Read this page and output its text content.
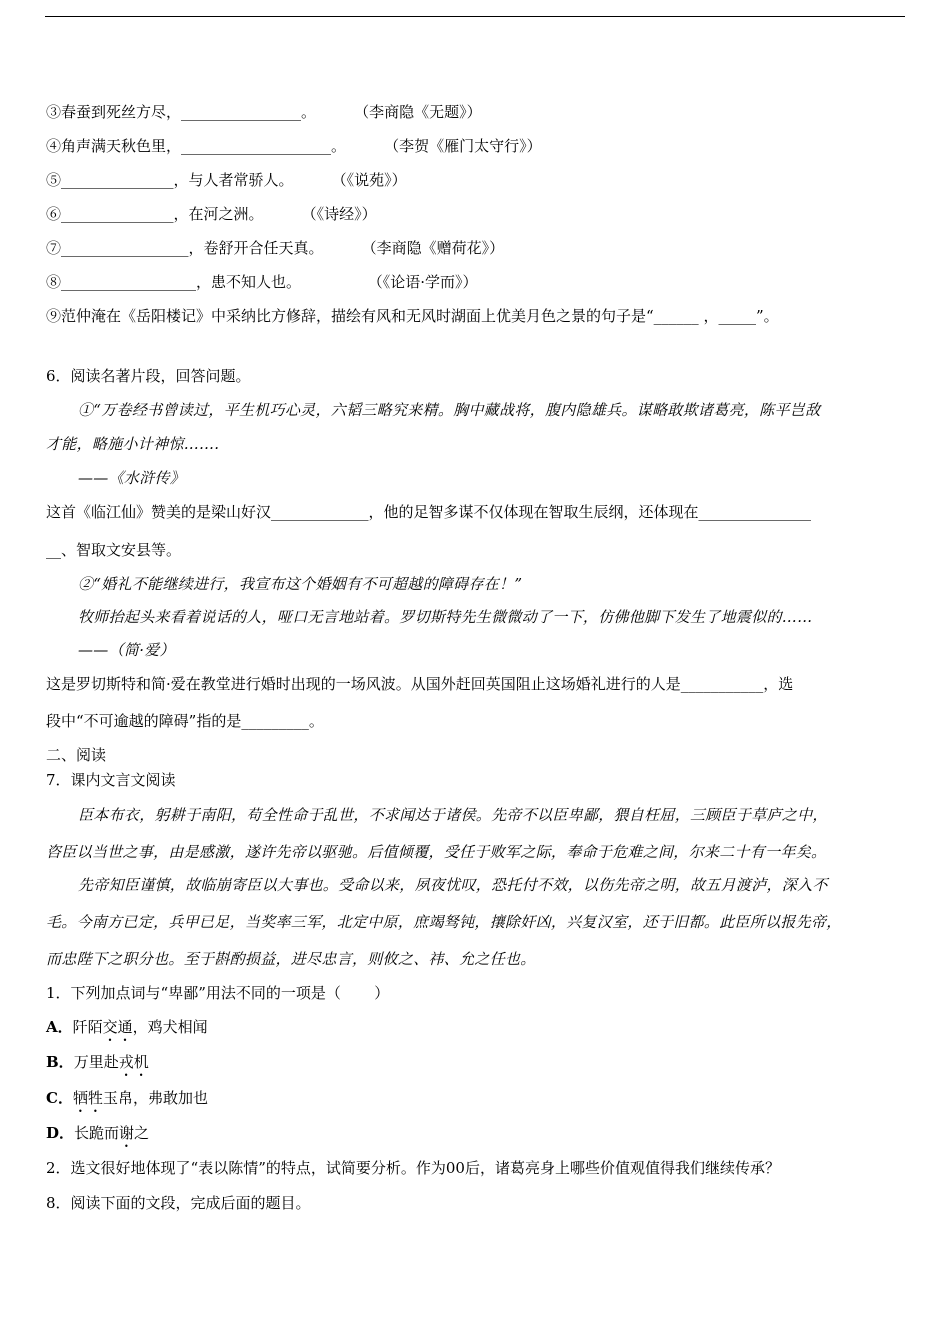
③春蚕到死丝方尽，________________。        （李商隐《无题》）
④角声满天秋色里，____________________。        （李贺《雁门太守行》）
⑤_______________，与人者常骄人。        （《说苑》）
⑥_______________，在河之洲。        （《诗经》）
⑦_________________，卷舒开合任天真。        （李商隐《赠荷花》）
⑧__________________，患不知人也。              （《论语·学而》）
⑨范仲淹在《岳阳楼记》中采纳比方修辞，描绘有风和无风时湖面上优美月色之景的句子是“______ ，_____”。
6．阅读名著片段，回答问题。
①“万卷经书曾读过，平生机巧心灵，六韬三略究来精。胸中藏战将，腹内隐雄兵。谋略敢欺诸葛亮，陈平岂敌
才能，略施小计神惊…….
——《水浒传》
这首《临江仙》赞美的是梁山好汉_____________，他的足智多谋不仅体现在智取生辰纲，还体现在_______________
__、智取文安县等。
②“婚礼不能继续进行，我宣布这个婚姻有不可超越的障碍存在！”
牧师抬起头来看着说话的人，哑口无言地站着。罗切斯特先生微微动了一下，仿佛他脚下发生了地震似的……
——（简·爱）
这是罗切斯特和简·爱在教堂进行婚时出现的一场风波。从国外赶回英国阻止这场婚礼进行的人是___________，选
段中“不可逾越的障碍”指的是_________。
二、阅读
7．课内文言文阅读
臣本布衣，躬耕于南阳，苟全性命于乱世，不求闻达于诸侯。先帝不以臣卑鄙，猥自枉屈，三顾臣于草庐之中，
咨臣以当世之事，由是感激，遂许先帝以驱驰。后值倾覆，受任于败军之际，奉命于危难之间，尔来二十有一年矣。
先帝知臣谨慎，故临崩寄臣以大事也。受命以来，夙夜忧叹，恐托付不效，以伤先帝之明，故五月渡泸，深入不
毛。今南方已定，兵甲已足，当奖率三军，北定中原，庶竭驽钝，攘除奸凶，兴复汉室，还于旧都。此臣所以报先帝，
而忠陛下之职分也。至于斟酌损益，进尽忠言，则攸之、祎、允之任也。
1．下列加点词与“卑鄙”用法不同的一项是（       ）
A．阡陌交通，鸡犬相闻
B．万里赴戎机
C．牺牲玉帛，弗敢加也
D．长跪而谢之
2．选文很好地体现了“表以陈情”的特点，试简要分析。作为00后，诸葛亮身上哪些价值观值得我们继续传承？
8．阅读下面的文段，完成后面的题目。
